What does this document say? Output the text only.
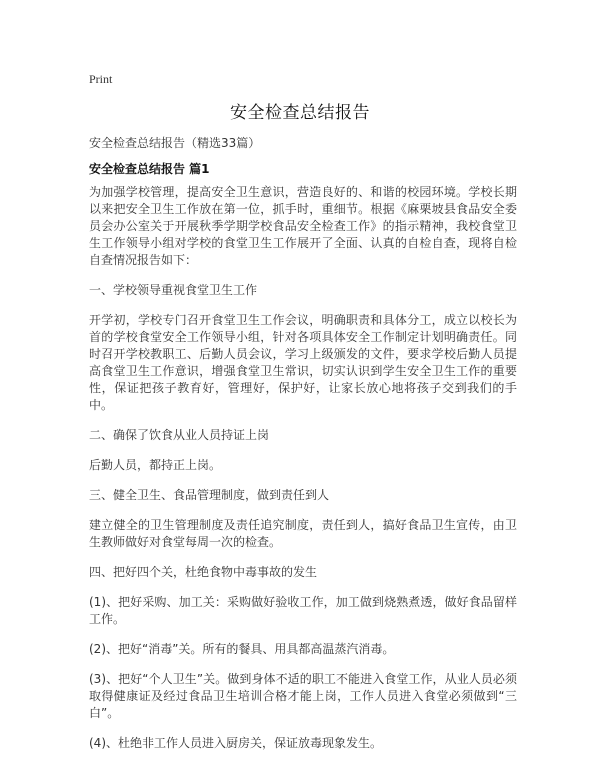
Print
安全检查总结报告
安全检查总结报告（精选33篇）
安全检查总结报告 篇1

为加强学校管理，提高安全卫生意识，营造良好的、和谐的校园环境。学校长期以来把安全卫生工作放在第一位，抓手时，重细节。根据《麻栗坡县食品安全委员会办公室关于开展秋季学期学校食品安全检查工作》的指示精神，我校食堂卫生工作领导小组对学校的食堂卫生工作展开了全面、认真的自检自查，现将自检自查情况报告如下：

一、学校领导重视食堂卫生工作

开学初，学校专门召开食堂卫生工作会议，明确职责和具体分工，成立以校长为首的学校食堂安全工作领导小组，针对各项具体安全工作制定计划明确责任。同时召开学校教职工、后勤人员会议，学习上级颁发的文件，要求学校后勤人员提高食堂卫生工作意识，增强食堂卫生常识，切实认识到学生安全卫生工作的重要性，保证把孩子教育好，管理好，保护好，让家长放心地将孩子交到我们的手中。

二、确保了饮食从业人员持证上岗

后勤人员，都持正上岗。

三、健全卫生、食品管理制度，做到责任到人

建立健全的卫生管理制度及责任追究制度，责任到人，搞好食品卫生宣传，由卫生教师做好对食堂每周一次的检查。

四、把好四个关，杜绝食物中毒事故的发生

(1)、把好采购、加工关：采购做好验收工作，加工做到烧熟煮透，做好食品留样工作。

(2)、把好“消毒”关。所有的餐具、用具都高温蒸汽消毒。

(3)、把好“个人卫生”关。做到身体不适的职工不能进入食堂工作，从业人员必须取得健康证及经过食品卫生培训合格才能上岗，工作人员进入食堂必须做到“三白”。

(4)、杜绝非工作人员进入厨房关，保证放毒现象发生。
